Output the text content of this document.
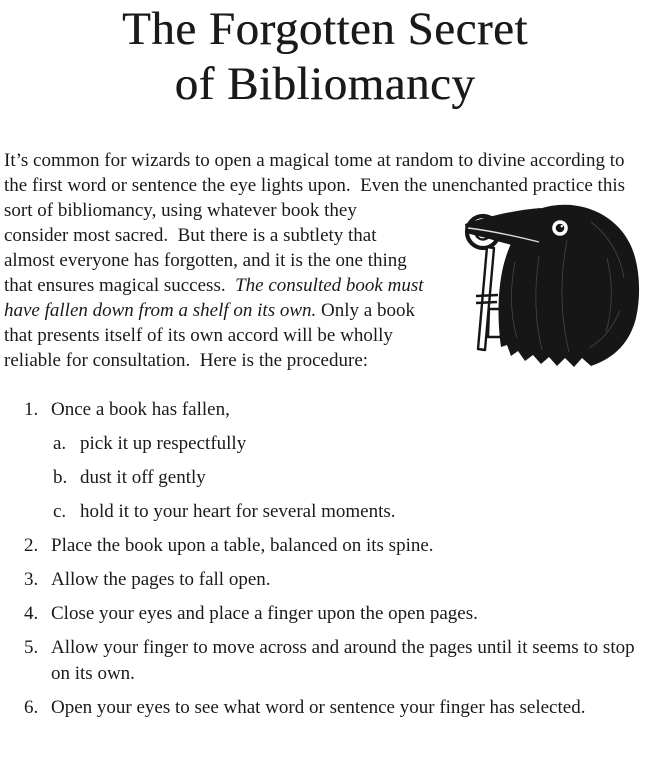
The Forgotten Secret
of Bibliomancy

It’s common for wizards to open a magical tome at random to divine according to the first word or sentence the eye lights upon.  Even the unenchanted practice this sort of bibliomancy, using whatever book they
consider most sacred.  But there is a subtlety that almost everyone has forgotten, and it is the one thing that ensures magical success.  The consulted book must have fallen down from a shelf on its own. Only a book that presents itself of its own accord will be wholly reliable for consultation.  Here is the procedure:

1. Once a book has fallen,
a. pick it up respectfully
b. dust it off gently
c. hold it to your heart for several moments.
2. Place the book upon a table, balanced on its spine.
3. Allow the pages to fall open.
4. Close your eyes and place a finger upon the open pages.
5. Allow your finger to move across and around the pages until it seems to stop on its own.
6. Open your eyes to see what word or sentence your finger has selected.
